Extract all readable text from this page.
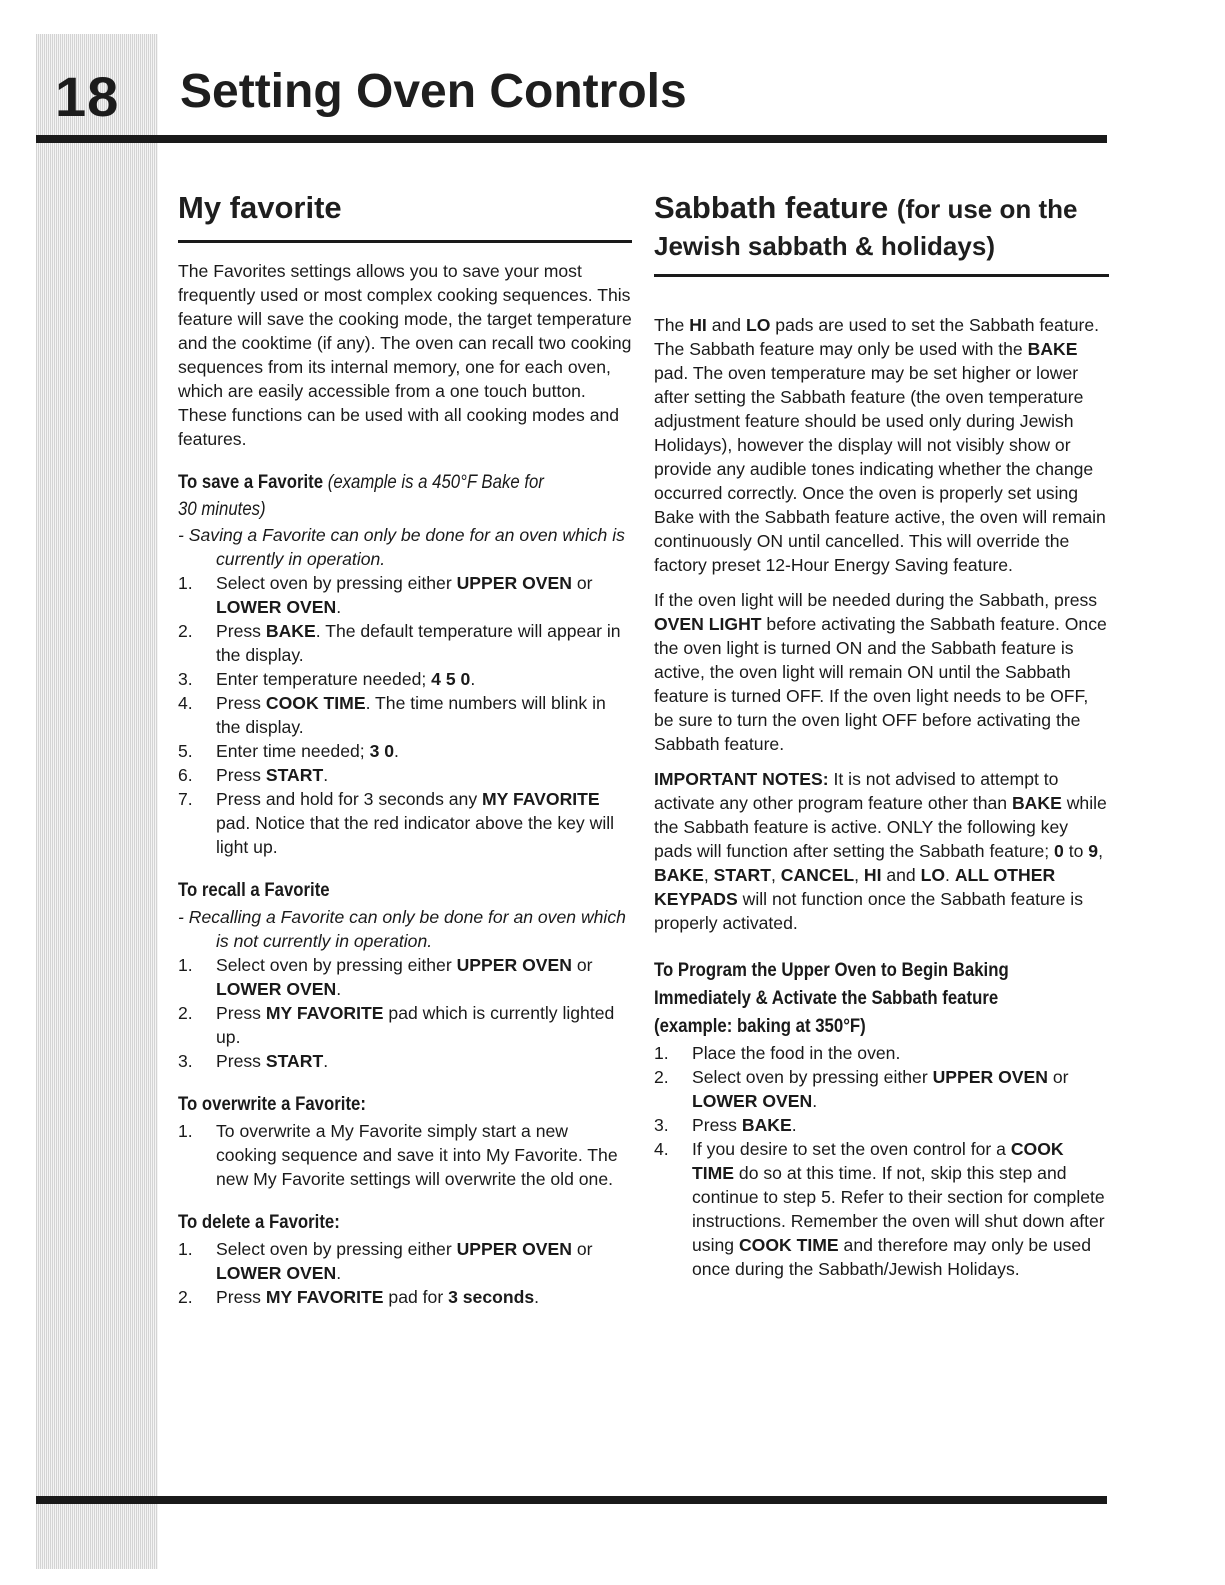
18 Setting Oven Controls
My favorite

The Favorites settings allows you to save your most frequently used or most complex cooking sequences. This feature will save the cooking mode, the target temperature and the cooktime (if any). The oven can recall two cooking sequences from its internal memory, one for each oven, which are easily accessible from a one touch button. These functions can be used with all cooking modes and features.

To save a Favorite (example is a 450°F Bake for
30 minutes)
- Saving a Favorite can only be done for an oven which is currently in operation.
1. Select oven by pressing either UPPER OVEN or LOWER OVEN.
2. Press BAKE. The default temperature will appear in the display.
3. Enter temperature needed; 4 5 0.
4. Press COOK TIME. The time numbers will blink in the display.
5. Enter time needed; 3 0.
6. Press START.
7. Press and hold for 3 seconds any MY FAVORITE pad. Notice that the red indicator above the key will light up.
To recall a Favorite
- Recalling a Favorite can only be done for an oven which is not currently in operation.
1. Select oven by pressing either UPPER OVEN or LOWER OVEN.
2. Press MY FAVORITE pad which is currently lighted up.
3. Press START.
To overwrite a Favorite:
1. To overwrite a My Favorite simply start a new cooking sequence and save it into My Favorite. The new My Favorite settings will overwrite the old one.
To delete a Favorite:
1. Select oven by pressing either UPPER OVEN or LOWER OVEN.
2. Press MY FAVORITE pad for 3 seconds.
Sabbath feature (for use on the
Jewish sabbath & holidays)

The HI and LO pads are used to set the Sabbath feature. The Sabbath feature may only be used with the BAKE pad. The oven temperature may be set higher or lower after setting the Sabbath feature (the oven temperature adjustment feature should be used only during Jewish Holidays), however the display will not visibly show or provide any audible tones indicating whether the change occurred correctly. Once the oven is properly set using Bake with the Sabbath feature active, the oven will remain continuously ON until cancelled. This will override the factory preset 12-Hour Energy Saving feature.

If the oven light will be needed during the Sabbath, press OVEN LIGHT before activating the Sabbath feature. Once the oven light is turned ON and the Sabbath feature is active, the oven light will remain ON until the Sabbath feature is turned OFF. If the oven light needs to be OFF, be sure to turn the oven light OFF before activating the Sabbath feature.

IMPORTANT NOTES: It is not advised to attempt to activate any other program feature other than BAKE while the Sabbath feature is active. ONLY the following key pads will function after setting the Sabbath feature; 0 to 9, BAKE, START, CANCEL, HI and LO. ALL OTHER KEYPADS will not function once the Sabbath feature is properly activated.

To Program the Upper Oven to Begin Baking
Immediately & Activate the Sabbath feature
(example: baking at 350°F)
1. Place the food in the oven.
2. Select oven by pressing either UPPER OVEN or LOWER OVEN.
3. Press BAKE.
4. If you desire to set the oven control for a COOK TIME do so at this time. If not, skip this step and continue to step 5. Refer to their section for complete instructions. Remember the oven will shut down after using COOK TIME and therefore may only be used once during the Sabbath/Jewish Holidays.
